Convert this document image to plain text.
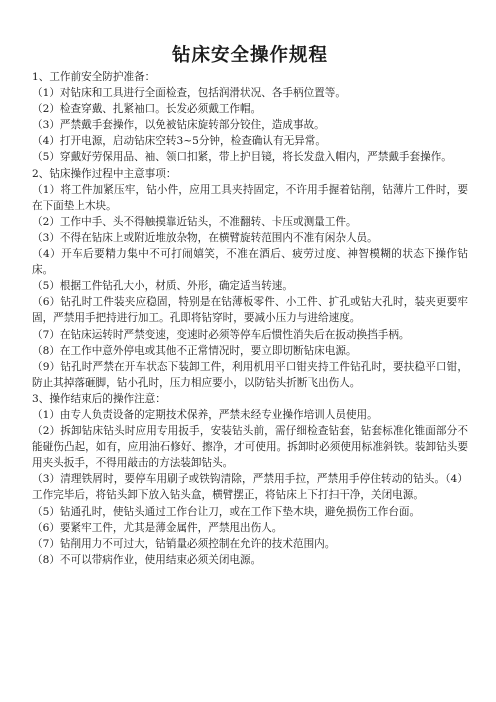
钻床安全操作规程

1、工作前安全防护准备：

（1）对钻床和工具进行全面检查，包括润滑状况、各手柄位置等。

（2）检查穿戴、扎紧袖口。长发必须戴工作帽。

（3）严禁戴手套操作，以免被钻床旋转部分铰住，造成事故。

（4）打开电源，启动钻床空转3~5分钟，检查确认有无异常。

（5）穿戴好劳保用品、袖、领口扣紧，带上护目镜，将长发盘入帽内，严禁戴手套操作。

2、钻床操作过程中主意事项：

（1）将工件加紧压牢，钻小件，应用工具夹持固定，不许用手握着钻削，钻薄片工件时，要在下面垫上木块。

（2）工作中手、头不得触摸靠近钻头，不准翻转、卡压或测量工件。

（3）不得在钻床上或附近堆放杂物，在横臂旋转范围内不准有闲杂人员。

（4）开车后要精力集中不可打闹嬉笑，不准在酒后、疲劳过度、神智模糊的状态下操作钻床。

（5）根据工件钻孔大小，材质、外形，确定适当转速。

（6）钻孔时工件装夹应稳固，特别是在钻薄板零件、小工件、扩孔或钻大孔时，装夹更要牢固，严禁用手把持进行加工。孔即将钻穿时，要减小压力与进给速度。

（7）在钻床运转时严禁变速，变速时必须等停车后惯性消失后在扳动换挡手柄。

（8）在工作中意外停电或其他不正常情况时，要立即切断钻床电源。

（9）钻孔时严禁在开车状态下装卸工件，利用机用平口钳夹持工件钻孔时，要扶稳平口钳，防止其掉落砸脚，钻小孔时，压力相应要小，以防钻头折断飞出伤人。

3、操作结束后的操作注意：

（1）由专人负责设备的定期技术保养，严禁未经专业操作培训人员使用。

（2）拆卸钻床钻头时应用专用扳手，安装钻头前，需仔细检查钻套，钻套标准化锥面部分不能碰伤凸起，如有，应用油石修好、擦净，才可使用。拆卸时必须使用标准斜铁。装卸钻头要用夹头扳手，不得用敲击的方法装卸钻头。

（3）清理铁屑时，要停车用刷子或铁钩清除，严禁用手拉，严禁用手停住转动的钻头。（4）工作完毕后，将钻头卸下放入钻头盒，横臂摆正，将钻床上下打扫干净，关闭电源。

（5）钻通孔时，使钻头通过工作台让刀，或在工作下垫木块，避免损伤工作台面。

（6）要紧牢工件，尤其是薄金属件，严禁甩出伤人。

（7）钻削用力不可过大，钻销量必须控制在允许的技术范围内。

（8）不可以带病作业，使用结束必须关闭电源。
